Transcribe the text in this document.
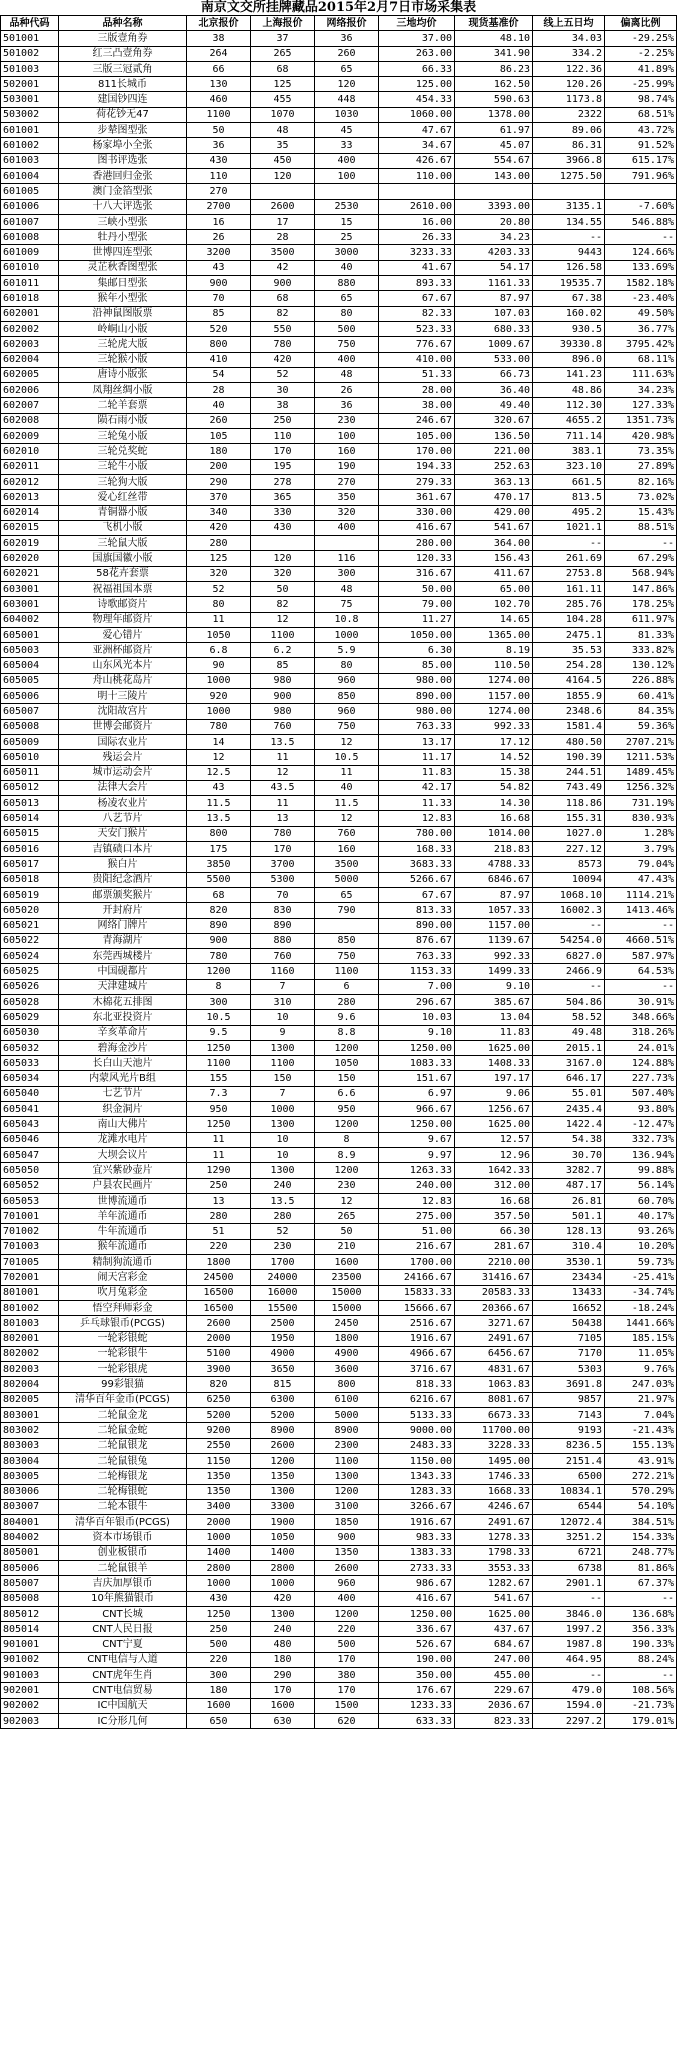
南京文交所挂牌藏品2015年2月7日市场采集表
品种代码	品种名称	北京报价	上海报价	网络报价	三地均价	现货基准价	线上五日均	偏离比例
501001	三版壹角券	38	37	36	37.00	48.10	34.03	-29.25%
501002	红三凸壹角券	264	265	260	263.00	341.90	334.2	-2.25%
501003	三版三冠贰角	66	68	65	66.33	86.23	122.36	41.89%
502001	811长城币	130	125	120	125.00	162.50	120.26	-25.99%
503001	建国钞四连	460	455	448	454.33	590.63	1173.8	98.74%
503002	荷花钞无47	1100	1070	1030	1060.00	1378.00	2322	68.51%
601001	步辇图型张	50	48	45	47.67	61.97	89.06	43.72%
601002	杨家埠小全张	36	35	33	34.67	45.07	86.31	91.52%
601003	图书评选张	430	450	400	426.67	554.67	3966.8	615.17%
601004	香港回归金张	110	120	100	110.00	143.00	1275.50	791.96%
601005	澳门金箔型张	270						
601006	十八大评选张	2700	2600	2530	2610.00	3393.00	3135.1	-7.60%
601007	三峡小型张	16	17	15	16.00	20.80	134.55	546.88%
601008	牡丹小型张	26	28	25	26.33	34.23	--	--
601009	世博四连型张	3200	3500	3000	3233.33	4203.33	9443	124.66%
601010	灵芷秋香图型张	43	42	40	41.67	54.17	126.58	133.69%
601011	集邮日型张	900	900	880	893.33	1161.33	19535.7	1582.18%
601018	猴年小型张	70	68	65	67.67	87.97	67.38	-23.40%
602001	沿神鼠图版票	85	82	80	82.33	107.03	160.02	49.50%
602002	岭峒山小版	520	550	500	523.33	680.33	930.5	36.77%
602003	三轮虎大版	800	780	750	776.67	1009.67	39330.8	3795.42%
602004	三轮猴小版	410	420	400	410.00	533.00	896.0	68.11%
602005	唐诗小版张	54	52	48	51.33	66.73	141.23	111.63%
602006	凤翔丝绸小版	28	30	26	28.00	36.40	48.86	34.23%
602007	二轮羊套票	40	38	36	38.00	49.40	112.30	127.33%
602008	陨石雨小版	260	250	230	246.67	320.67	4655.2	1351.73%
602009	三轮兔小版	105	110	100	105.00	136.50	711.14	420.98%
602010	三轮兑奖蛇	180	170	160	170.00	221.00	383.1	73.35%
602011	三轮牛小版	200	195	190	194.33	252.63	323.10	27.89%
602012	三轮狗大版	290	278	270	279.33	363.13	661.5	82.16%
602013	爱心红丝带	370	365	350	361.67	470.17	813.5	73.02%
602014	青铜器小版	340	330	320	330.00	429.00	495.2	15.43%
602015	飞机小版	420	430	400	416.67	541.67	1021.1	88.51%
602019	三轮鼠大版	280			280.00	364.00	--	--
602020	国旗国徽小版	125	120	116	120.33	156.43	261.69	67.29%
602021	58花卉套票	320	320	300	316.67	411.67	2753.8	568.94%
603001	祝福祖国本票	52	50	48	50.00	65.00	161.11	147.86%
603001	诗歌邮资片	80	82	75	79.00	102.70	285.76	178.25%
604002	物理年邮资片	11	12	10.8	11.27	14.65	104.28	611.97%
605001	爱心错片	1050	1100	1000	1050.00	1365.00	2475.1	81.33%
605003	亚洲杯邮资片	6.8	6.2	5.9	6.30	8.19	35.53	333.82%
605004	山东风光本片	90	85	80	85.00	110.50	254.28	130.12%
605005	舟山桃花岛片	1000	980	960	980.00	1274.00	4164.5	226.88%
605006	明十三陵片	920	900	850	890.00	1157.00	1855.9	60.41%
605007	沈阳故宫片	1000	980	960	980.00	1274.00	2348.6	84.35%
605008	世博会邮资片	780	760	750	763.33	992.33	1581.4	59.36%
605009	国际农业片	14	13.5	12	13.17	17.12	480.50	2707.21%
605010	残运会片	12	11	10.5	11.17	14.52	190.39	1211.53%
605011	城市运动会片	12.5	12	11	11.83	15.38	244.51	1489.45%
605012	法律大会片	43	43.5	40	42.17	54.82	743.49	1256.32%
605013	杨凌农业片	11.5	11	11.5	11.33	14.30	118.86	731.19%
605014	八艺节片	13.5	13	12	12.83	16.68	155.31	830.93%
605015	天安门猴片	800	780	760	780.00	1014.00	1027.0	1.28%
605016	吉镇碛口本片	175	170	160	168.33	218.83	227.12	3.79%
605017	猴白片	3850	3700	3500	3683.33	4788.33	8573	79.04%
605018	贵阳纪念酒片	5500	5300	5000	5266.67	6846.67	10094	47.43%
605019	邮票颁奖猴片	68	70	65	67.67	87.97	1068.10	1114.21%
605020	开封府片	820	830	790	813.33	1057.33	16002.3	1413.46%
605021	网络门牌片	890	890		890.00	1157.00	--	--
605022	青海湖片	900	880	850	876.67	1139.67	54254.0	4660.51%
605024	东莞西城楼片	780	760	750	763.33	992.33	6827.0	587.97%
605025	中国砚都片	1200	1160	1100	1153.33	1499.33	2466.9	64.53%
605026	天津建城片	8	7	6	7.00	9.10	--	--
605028	木棉花五排图	300	310	280	296.67	385.67	504.86	30.91%
605029	东北亚投资片	10.5	10	9.6	10.03	13.04	58.52	348.66%
605030	辛亥革命片	9.5	9	8.8	9.10	11.83	49.48	318.26%
605032	碧海金沙片	1250	1300	1200	1250.00	1625.00	2015.1	24.01%
605033	长白山天池片	1100	1100	1050	1083.33	1408.33	3167.0	124.88%
605034	内蒙风光片B组	155	150	150	151.67	197.17	646.17	227.73%
605040	七艺节片	7.3	7	6.6	6.97	9.06	55.01	507.40%
605041	织金洞片	950	1000	950	966.67	1256.67	2435.4	93.80%
605043	南山大佛片	1250	1300	1200	1250.00	1625.00	1422.4	-12.47%
605046	龙滩水电片	11	10	8	9.67	12.57	54.38	332.73%
605047	大坝会议片	11	10	8.9	9.97	12.96	30.70	136.94%
605050	宜兴紫砂壶片	1290	1300	1200	1263.33	1642.33	3282.7	99.88%
605052	户县农民画片	250	240	230	240.00	312.00	487.17	56.14%
605053	世博流通币	13	13.5	12	12.83	16.68	26.81	60.70%
701001	羊年流通币	280	280	265	275.00	357.50	501.1	40.17%
701002	牛年流通币	51	52	50	51.00	66.30	128.13	93.26%
701003	猴年流通币	220	230	210	216.67	281.67	310.4	10.20%
701005	精制狗流通币	1800	1700	1600	1700.00	2210.00	3530.1	59.73%
702001	闹天宫彩金	24500	24000	23500	24166.67	31416.67	23434	-25.41%
801001	吹月兔彩金	16500	16000	15000	15833.33	20583.33	13433	-34.74%
801002	悟空拜师彩金	16500	15500	15000	15666.67	20366.67	16652	-18.24%
801003	乒乓球银币(PCGS)	2600	2500	2450	2516.67	3271.67	50438	1441.66%
802001	一轮彩银蛇	2000	1950	1800	1916.67	2491.67	7105	185.15%
802002	一轮彩银牛	5100	4900	4900	4966.67	6456.67	7170	11.05%
802003	一轮彩银虎	3900	3650	3600	3716.67	4831.67	5303	9.76%
802004	99彩银猫	820	815	800	818.33	1063.83	3691.8	247.03%
802005	清华百年金币(PCGS)	6250	6300	6100	6216.67	8081.67	9857	21.97%
803001	二轮鼠金龙	5200	5200	5000	5133.33	6673.33	7143	7.04%
803002	二轮鼠金蛇	9200	8900	8900	9000.00	11700.00	9193	-21.43%
803003	二轮鼠银龙	2550	2600	2300	2483.33	3228.33	8236.5	155.13%
803004	二轮鼠银兔	1150	1200	1100	1150.00	1495.00	2151.4	43.91%
803005	二轮梅银龙	1350	1350	1300	1343.33	1746.33	6500	272.21%
803006	二轮梅银蛇	1350	1300	1200	1283.33	1668.33	10834.1	570.29%
803007	二轮本银牛	3400	3300	3100	3266.67	4246.67	6544	54.10%
804001	清华百年银币(PCGS)	2000	1900	1850	1916.67	2491.67	12072.4	384.51%
804002	资本市场银币	1000	1050	900	983.33	1278.33	3251.2	154.33%
805001	创业板银币	1400	1400	1350	1383.33	1798.33	6721	248.77%
805006	二轮鼠银羊	2800	2800	2600	2733.33	3553.33	6738	81.86%
805007	吉庆加厚银币	1000	1000	960	986.67	1282.67	2901.1	67.37%
805008	10年熊猫银币	430	420	400	416.67	541.67	--	--
805012	CNT长城	1250	1300	1200	1250.00	1625.00	3846.0	136.68%
805014	CNT人民日报	250	240	220	336.67	437.67	1997.2	356.33%
901001	CNT宁夏	500	480	500	526.67	684.67	1987.8	190.33%
901002	CNT电信与人道	220	180	170	190.00	247.00	464.95	88.24%
901003	CNT虎年生肖	300	290	380	350.00	455.00	--	--
902001	CNT电信贸易	180	170	170	176.67	229.67	479.0	108.56%
902002	IC中国航天	1600	1600	1500	1233.33	2036.67	1594.0	-21.73%
902003	IC分形几何	650	630	620	633.33	823.33	2297.2	179.01%
